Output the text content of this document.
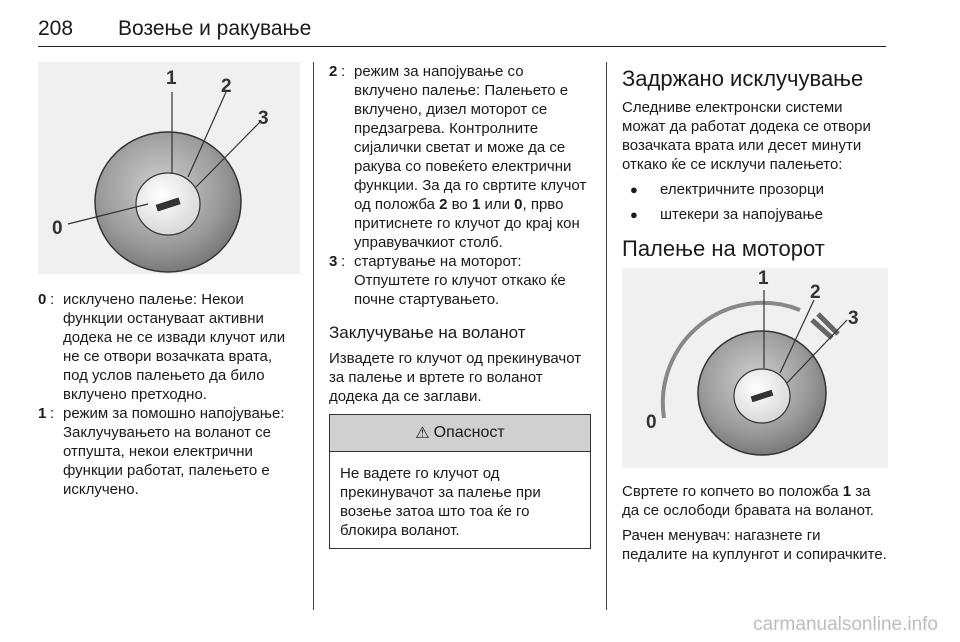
208 Возење и ракување
0
1 2
3
0 : исклучено палење: Некои функции остануваат активни додека не се извади клучот или не се отвори возачката врата, под услов палењето да било вклучено претходно.
1 : режим за помошно напојување: Заклучувањето на воланот се отпушта, некои електрични функции работат, палењето е исклучено.
2 : режим за напојување со вклучено палење: Палењето е вклучено, дизел моторот се предзагрева. Контролните сијалички светат и може да се ракува со повеќето електрични функции. За да го свртите клучот од положба 2 во 1 или 0, прво притиснете го клучот до крај кон управувачкиот столб.
3 : стартување на моторот: Отпуштете го клучот откако ќе почне стартувањето.
Заклучување на воланот

Извадете го клучот од прекинувачот за палење и вртете го воланот додека да се заглави.

⚠ Опасност
Не вадете го клучот од прекинувачот за палење при возење затоа што тоа ќе го блокира воланот.
Задржано исклучување

Следниве електронски системи можат да работат додека се отвори возачката врата или десет минути откако ќе се исклучи палењето:

●	електричните прозорци
●	штекери за напојување
Палење на моторот
0
1
2
3

Свртете го копчето во положба 1 за да се ослободи бравата на воланот.

Рачен менувач: нагазнете ги педалите на куплунгот и сопирачките.

carmanualsonline.info
